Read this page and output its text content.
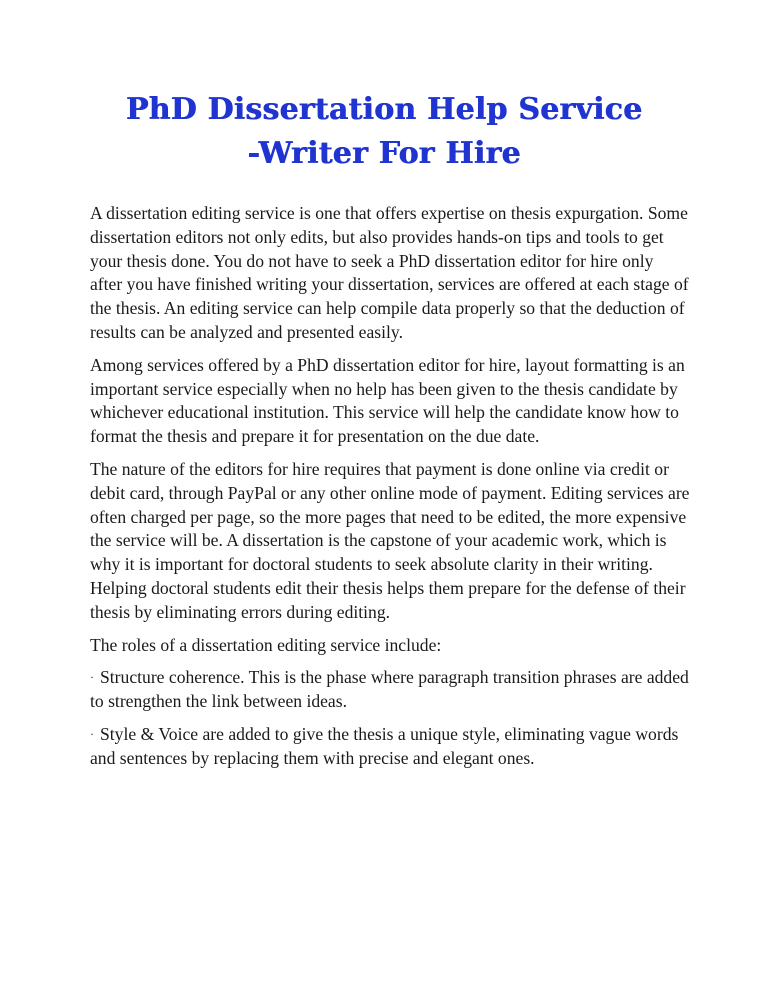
PhD Dissertation Help Service
-Writer For Hire

A dissertation editing service is one that offers expertise on thesis expurgation. Some dissertation editors not only edits, but also provides hands-on tips and tools to get your thesis done. You do not have to seek a PhD dissertation editor for hire only after you have finished writing your dissertation, services are offered at each stage of the thesis. An editing service can help compile data properly so that the deduction of results can be analyzed and presented easily.

Among services offered by a PhD dissertation editor for hire, layout formatting is an important service especially when no help has been given to the thesis candidate by whichever educational institution. This service will help the candidate know how to format the thesis and prepare it for presentation on the due date.

The nature of the editors for hire requires that payment is done online via credit or debit card, through PayPal or any other online mode of payment. Editing services are often charged per page, so the more pages that need to be edited, the more expensive the service will be. A dissertation is the capstone of your academic work, which is why it is important for doctoral students to seek absolute clarity in their writing. Helping doctoral students edit their thesis helps them prepare for the defense of their thesis by eliminating errors during editing.

The roles of a dissertation editing service include:

· Structure coherence. This is the phase where paragraph transition phrases are added to strengthen the link between ideas.

· Style & Voice are added to give the thesis a unique style, eliminating vague words and sentences by replacing them with precise and elegant ones.
